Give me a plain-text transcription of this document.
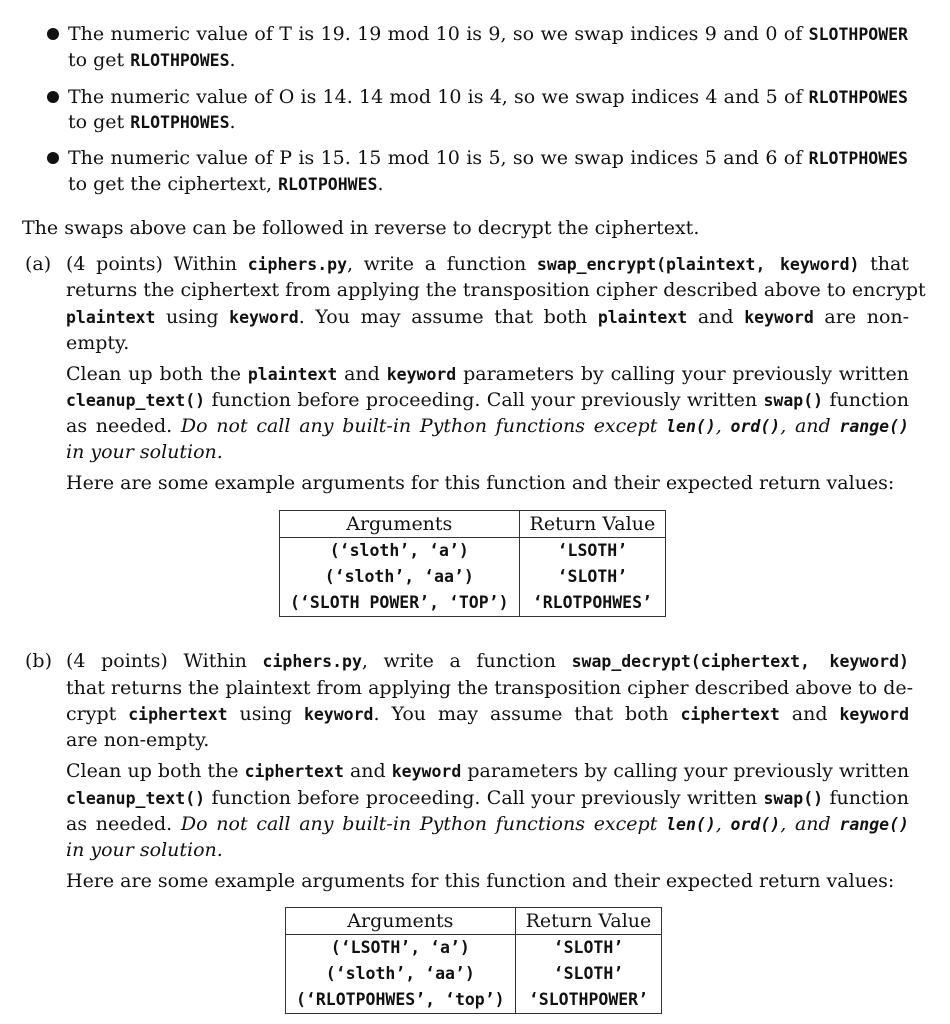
The numeric value of T is 19. 19 mod 10 is 9, so we swap indices 9 and 0 of SLOTHPOWER
to get RLOTHPOWES.
The numeric value of O is 14. 14 mod 10 is 4, so we swap indices 4 and 5 of RLOTHPOWES
to get RLOTPHOWES.
The numeric value of P is 15. 15 mod 10 is 5, so we swap indices 5 and 6 of RLOTPHOWES
to get the ciphertext, RLOTPOHWES.
The swaps above can be followed in reverse to decrypt the ciphertext.
(a) (4 points) Within ciphers.py, write a function swap_encrypt(plaintext, keyword) that
returns the ciphertext from applying the transposition cipher described above to encrypt
plaintext using keyword. You may assume that both plaintext and keyword are non-
empty.
Clean up both the plaintext and keyword parameters by calling your previously written
cleanup_text() function before proceeding. Call your previously written swap() function
as needed. Do not call any built-in Python functions except len(), ord(), and range()
in your solution.
Here are some example arguments for this function and their expected return values:
Arguments	Return Value
(‘sloth’, ‘a’)	‘LSOTH’
(‘sloth’, ‘aa’)	‘SLOTH’
(‘SLOTH POWER’, ‘TOP’)	‘RLOTPOHWES’
(b) (4 points) Within ciphers.py, write a function swap_decrypt(ciphertext, keyword)
that returns the plaintext from applying the transposition cipher described above to de-
crypt ciphertext using keyword. You may assume that both ciphertext and keyword
are non-empty.
Clean up both the ciphertext and keyword parameters by calling your previously written
cleanup_text() function before proceeding. Call your previously written swap() function
as needed. Do not call any built-in Python functions except len(), ord(), and range()
in your solution.
Here are some example arguments for this function and their expected return values:
Arguments	Return Value
(‘LSOTH’, ‘a’)	‘SLOTH’
(‘sloth’, ‘aa’)	‘SLOTH’
(‘RLOTPOHWES’, ‘top’)	‘SLOTHPOWER’
